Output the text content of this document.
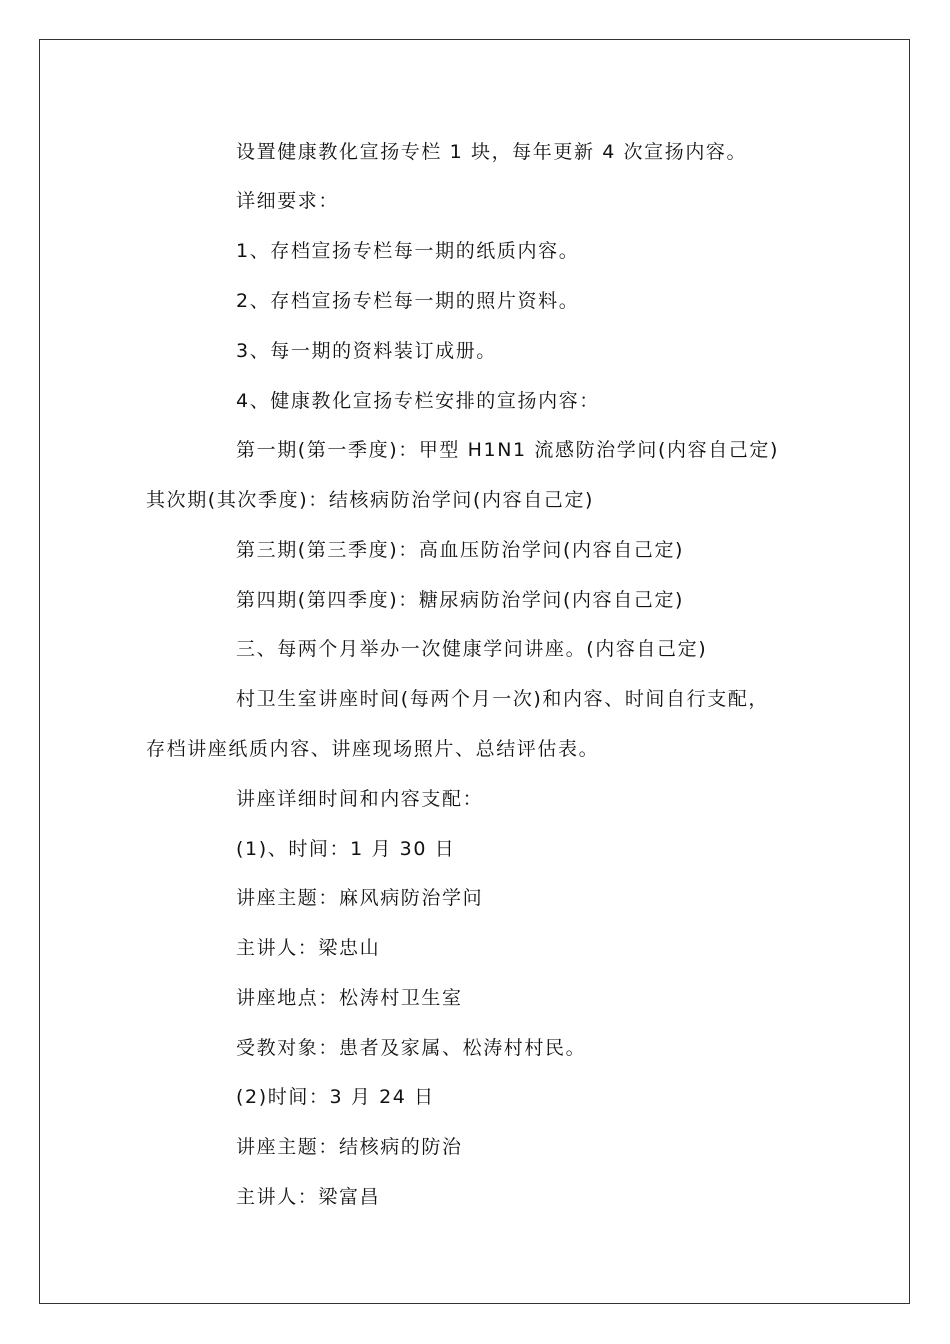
设置健康教化宣扬专栏 1 块，每年更新 4 次宣扬内容。
详细要求：
1、存档宣扬专栏每一期的纸质内容。
2、存档宣扬专栏每一期的照片资料。
3、每一期的资料装订成册。
4、健康教化宣扬专栏安排的宣扬内容：
第一期(第一季度)：甲型 H1N1 流感防治学问(内容自己定)
其次期(其次季度)：结核病防治学问(内容自己定)
第三期(第三季度)：高血压防治学问(内容自己定)
第四期(第四季度)：糖尿病防治学问(内容自己定)
三、每两个月举办一次健康学问讲座。(内容自己定)
村卫生室讲座时间(每两个月一次)和内容、时间自行支配，
存档讲座纸质内容、讲座现场照片、总结评估表。
讲座详细时间和内容支配：
(1)、时间：1 月 30 日
讲座主题：麻风病防治学问
主讲人：梁忠山
讲座地点：松涛村卫生室
受教对象：患者及家属、松涛村村民。
(2)时间：3 月 24 日
讲座主题：结核病的防治
主讲人：梁富昌
